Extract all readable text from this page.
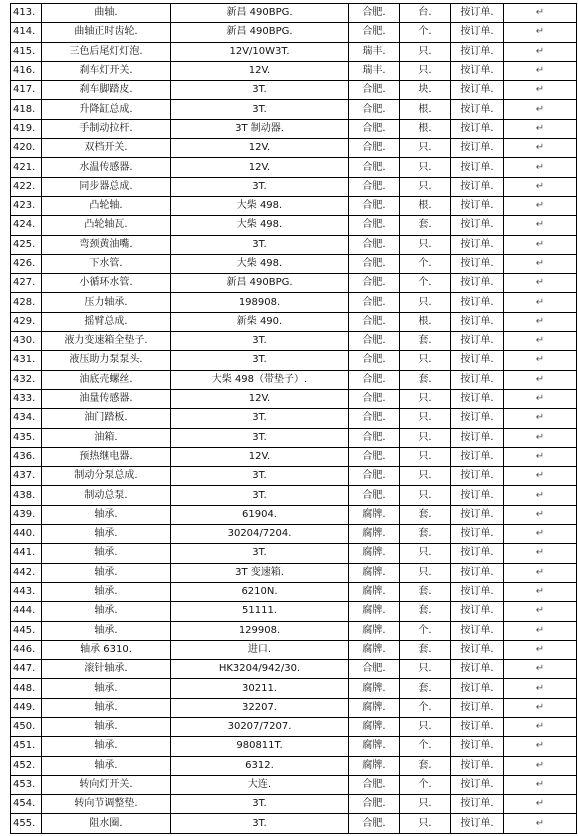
413.	曲轴.	新昌 490BPG.	合肥.	台.	按订单.	↵
414.	曲轴正时齿轮.	新昌 490BPG.	合肥.	个.	按订单.	↵
415.	三色后尾灯灯泡.	12V/10W3T.	瑞丰.	只.	按订单.	↵
416.	刹车灯开关.	12V.	瑞丰.	只.	按订单.	↵
417.	刹车脚踏皮.	3T.	合肥.	块.	按订单.	↵
418.	升降缸总成.	3T.	合肥.	根.	按订单.	↵
419.	手制动拉杆.	3T 制动器.	合肥.	根.	按订单.	↵
420.	双档开关.	12V.	合肥.	只.	按订单.	↵
421.	水温传感器.	12V.	合肥.	只.	按订单.	↵
422.	同步器总成.	3T.	合肥.	只.	按订单.	↵
423.	凸轮轴.	大柴 498.	合肥.	根.	按订单.	↵
424.	凸轮轴瓦.	大柴 498.	合肥.	套.	按订单.	↵
425.	弯颈黄油嘴.	3T.	合肥.	只.	按订单.	↵
426.	下水管.	大柴 498.	合肥.	个.	按订单.	↵
427.	小循环水管.	新昌 490BPG.	合肥.	个.	按订单.	↵
428.	压力轴承.	198908.	合肥.	只.	按订单.	↵
429.	摇臂总成.	新柴 490.	合肥.	根.	按订单.	↵
430.	液力变速箱全垫子.	3T.	合肥.	套.	按订单.	↵
431.	液压助力泵泵头.	3T.	合肥.	只.	按订单.	↵
432.	油底壳螺丝.	大柴 498（带垫子）.	合肥.	套.	按订单.	↵
433.	油量传感器.	12V.	合肥.	只.	按订单.	↵
434.	油门踏板.	3T.	合肥.	只.	按订单.	↵
435.	油箱.	3T.	合肥.	只.	按订单.	↵
436.	预热继电器.	12V.	合肥.	只.	按订单.	↵
437.	制动分泵总成.	3T.	合肥.	只.	按订单.	↵
438.	制动总泵.	3T.	合肥.	只.	按订单.	↵
439.	轴承.	61904.	腐牌.	套.	按订单.	↵
440.	轴承.	30204/7204.	腐牌.	套.	按订单.	↵
441.	轴承.	3T.	腐牌.	只.	按订单.	↵
442.	轴承.	3T 变速箱.	腐牌.	只.	按订单.	↵
443.	轴承.	6210N.	腐牌.	套.	按订单.	↵
444.	轴承.	51111.	腐牌.	套.	按订单.	↵
445.	轴承.	129908.	腐牌.	个.	按订单.	↵
446.	轴承 6310.	进口.	腐牌.	套.	按订单.	↵
447.	滚针轴承.	HK3204/942/30.	合肥.	只.	按订单.	↵
448.	轴承.	30211.	腐牌.	套.	按订单.	↵
449.	轴承.	32207.	腐牌.	个.	按订单.	↵
450.	轴承.	30207/7207.	腐牌.	只.	按订单.	↵
451.	轴承.	980811T.	腐牌.	个.	按订单.	↵
452.	轴承.	6312.	腐牌.	套.	按订单.	↵
453.	转向灯开关.	大连.	合肥.	个.	按订单.	↵
454.	转向节调整垫.	3T.	合肥.	只.	按订单.	↵
455.	阻水圈.	3T.	合肥.	只.	按订单.	↵
